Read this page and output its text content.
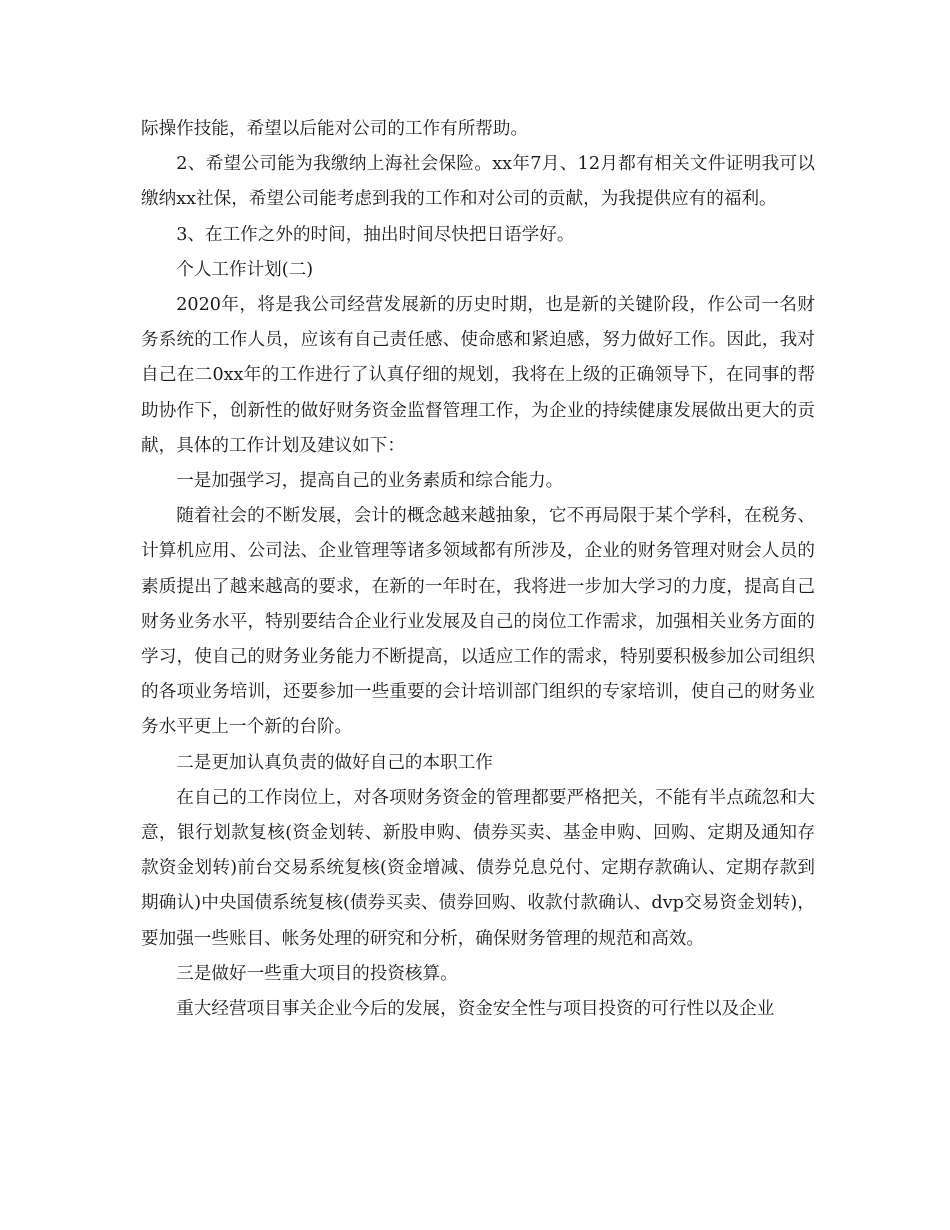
际操作技能，希望以后能对公司的工作有所帮助。

2、希望公司能为我缴纳上海社会保险。xx年7月、12月都有相关文件证明我可以缴纳xx社保，希望公司能考虑到我的工作和对公司的贡献，为我提供应有的福利。

3、在工作之外的时间，抽出时间尽快把日语学好。

个人工作计划(二)

2020年，将是我公司经营发展新的历史时期，也是新的关键阶段，作公司一名财务系统的工作人员，应该有自己责任感、使命感和紧迫感，努力做好工作。因此，我对自己在二0xx年的工作进行了认真仔细的规划，我将在上级的正确领导下，在同事的帮助协作下，创新性的做好财务资金监督管理工作，为企业的持续健康发展做出更大的贡献，具体的工作计划及建议如下：

一是加强学习，提高自己的业务素质和综合能力。

随着社会的不断发展，会计的概念越来越抽象，它不再局限于某个学科，在税务、计算机应用、公司法、企业管理等诸多领域都有所涉及，企业的财务管理对财会人员的素质提出了越来越高的要求，在新的一年时在，我将进一步加大学习的力度，提高自己财务业务水平，特别要结合企业行业发展及自己的岗位工作需求，加强相关业务方面的学习，使自己的财务业务能力不断提高，以适应工作的需求，特别要积极参加公司组织的各项业务培训，还要参加一些重要的会计培训部门组织的专家培训，使自己的财务业务水平更上一个新的台阶。

二是更加认真负责的做好自己的本职工作

在自己的工作岗位上，对各项财务资金的管理都要严格把关，不能有半点疏忽和大意，银行划款复核(资金划转、新股申购、债券买卖、基金申购、回购、定期及通知存款资金划转)前台交易系统复核(资金增减、债券兑息兑付、定期存款确认、定期存款到期确认)中央国债系统复核(债券买卖、债券回购、收款付款确认、dvp交易资金划转)，要加强一些账目、帐务处理的研究和分析，确保财务管理的规范和高效。

三是做好一些重大项目的投资核算。

重大经营项目事关企业今后的发展，资金安全性与项目投资的可行性以及企业
